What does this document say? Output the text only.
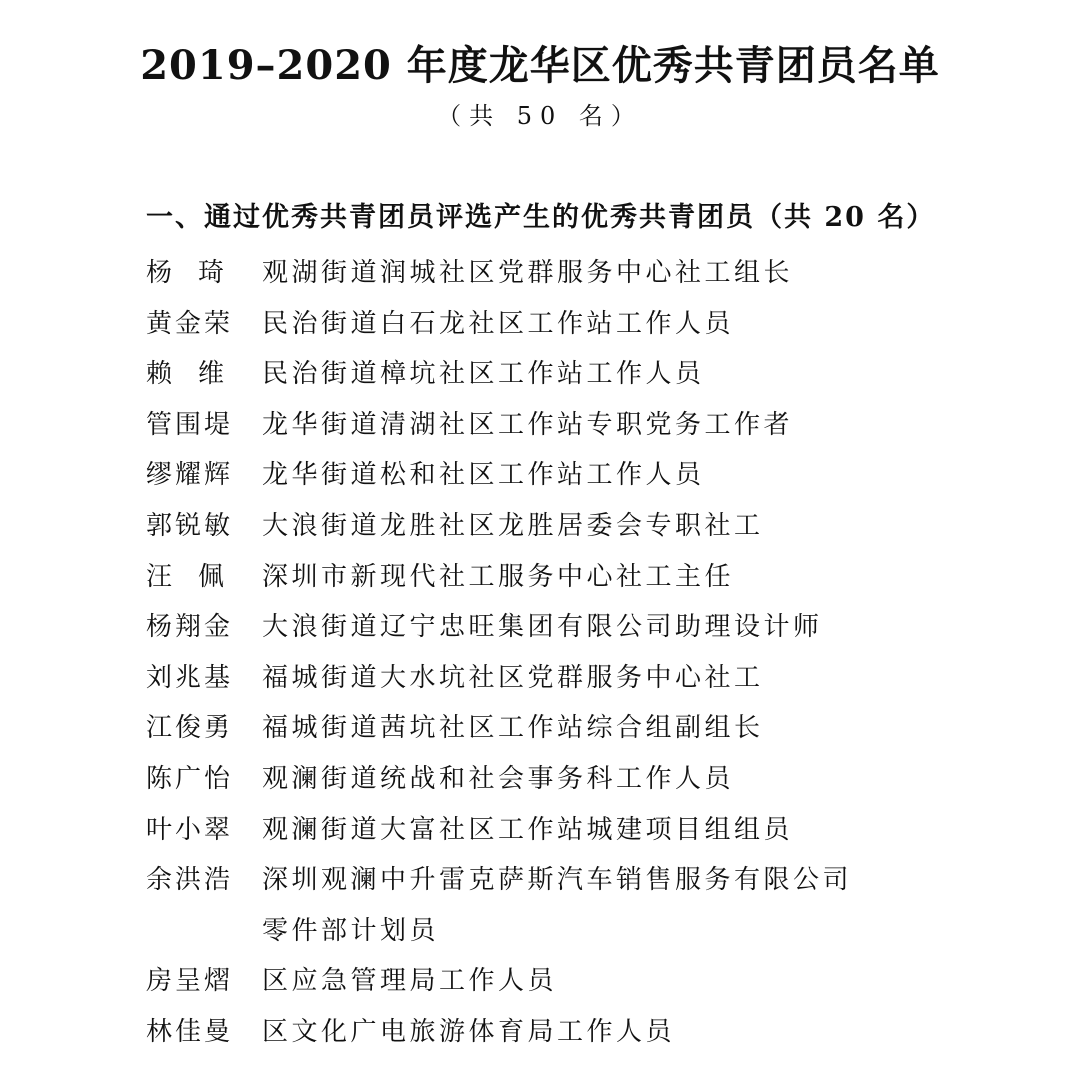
2019–2020 年度龙华区优秀共青团员名单
（共 50 名）
一、通过优秀共青团员评选产生的优秀共青团员（共 20 名）
杨琦 观湖街道润城社区党群服务中心社工组长
黄金荣	民治街道白石龙社区工作站工作人员
赖维 民治街道樟坑社区工作站工作人员
管围堤	龙华街道清湖社区工作站专职党务工作者
缪耀辉	龙华街道松和社区工作站工作人员
郭锐敏	大浪街道龙胜社区龙胜居委会专职社工
汪佩 深圳市新现代社工服务中心社工主任
杨翔金	大浪街道辽宁忠旺集团有限公司助理设计师
刘兆基	福城街道大水坑社区党群服务中心社工
江俊勇	福城街道茜坑社区工作站综合组副组长
陈广怡	观澜街道统战和社会事务科工作人员
叶小翠	观澜街道大富社区工作站城建项目组组员
余洪浩	深圳观澜中升雷克萨斯汽车销售服务有限公司零件部计划员
房呈熠	区应急管理局工作人员
林佳曼	区文化广电旅游体育局工作人员
